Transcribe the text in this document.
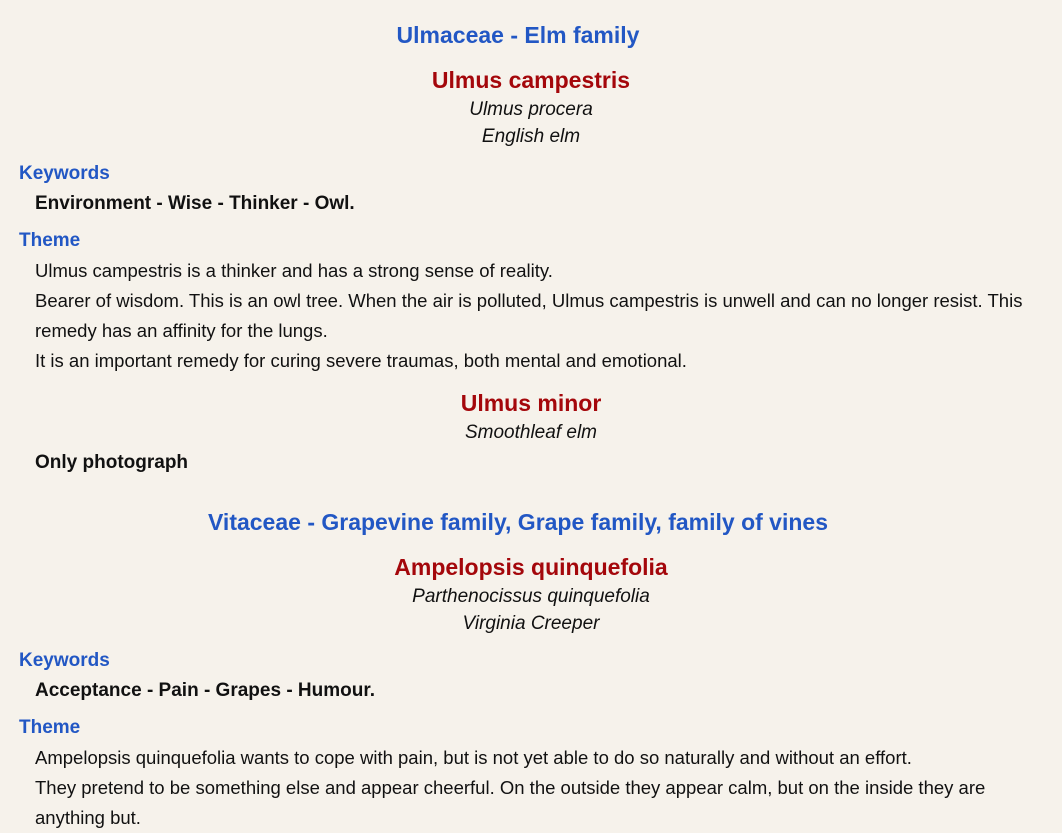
Ulmaceae - Elm family
Ulmus campestris
Ulmus procera
English elm
Keywords
Environment - Wise - Thinker - Owl.
Theme

Ulmus campestris is a thinker and has a strong sense of reality.

Bearer of wisdom. This is an owl tree. When the air is polluted, Ulmus campestris is unwell and can no longer resist. This remedy has an affinity for the lungs.

It is an important remedy for curing severe traumas, both mental and emotional.

Ulmus minor
Smoothleaf elm
Only photograph
Vitaceae - Grapevine family, Grape family, family of vines
Ampelopsis quinquefolia
Parthenocissus quinquefolia
Virginia Creeper
Keywords
Acceptance - Pain - Grapes - Humour.
Theme

Ampelopsis quinquefolia wants to cope with pain, but is not yet able to do so naturally and without an effort.

They pretend to be something else and appear cheerful. On the outside they appear calm, but on the inside they are anything but.
